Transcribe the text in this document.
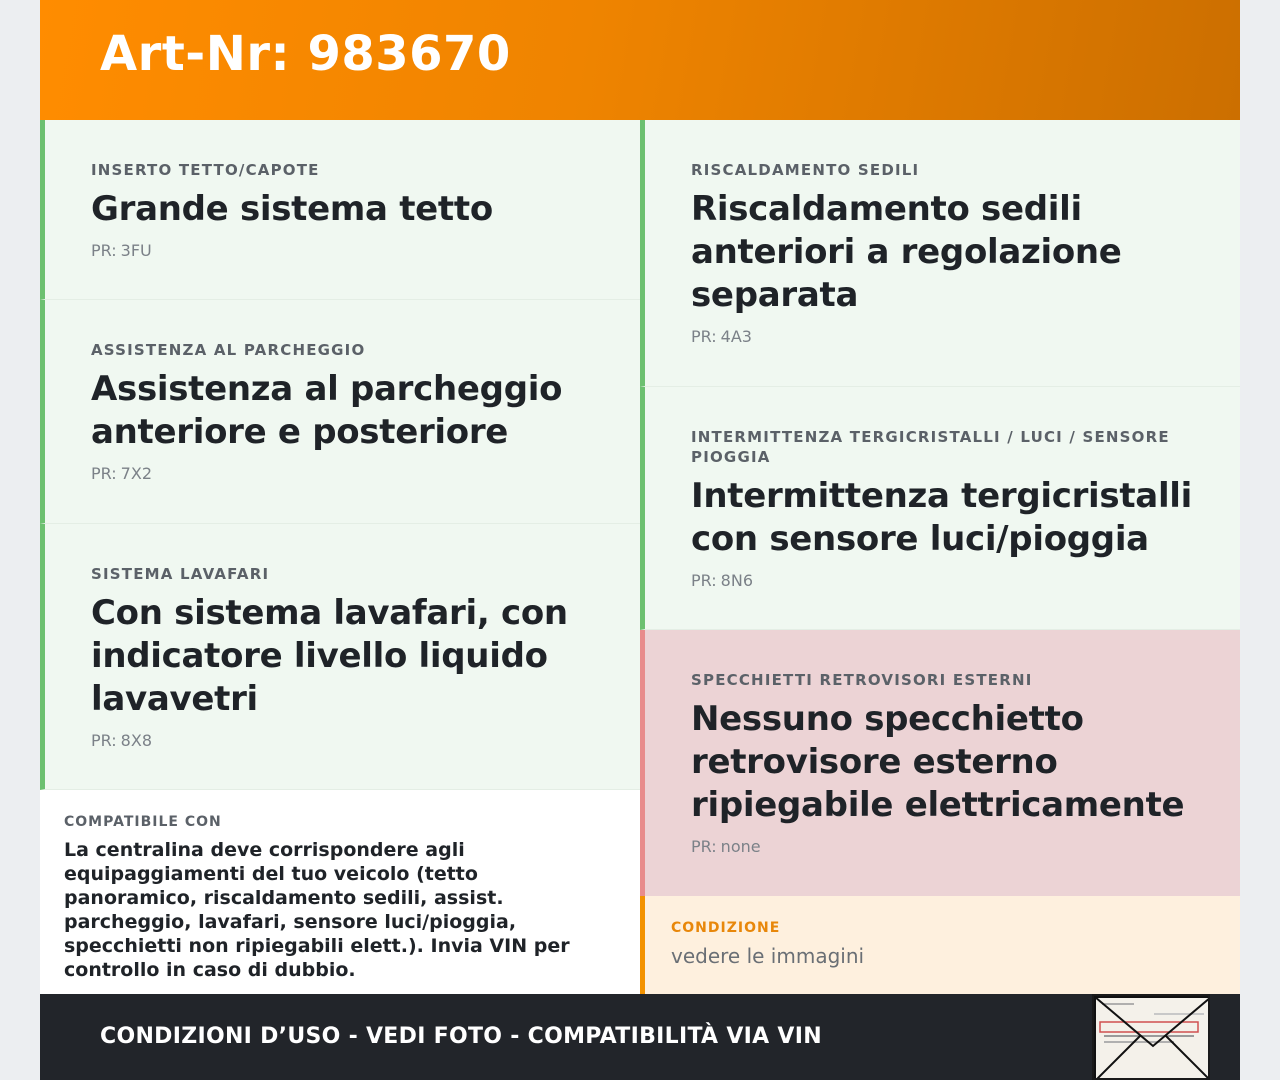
Art-Nr: 983670
INSERTO TETTO/CAPOTE
Grande sistema tetto
PR: 3FU
ASSISTENZA AL PARCHEGGIO
Assistenza al parcheggio anteriore e posteriore
PR: 7X2
SISTEMA LAVAFARI
Con sistema lavafari, con indicatore livello liquido lavavetri
PR: 8X8
RISCALDAMENTO SEDILI
Riscaldamento sedili anteriori a regolazione separata
PR: 4A3
INTERMITTENZA TERGICRISTALLI / LUCI / SENSORE PIOGGIA
Intermittenza tergicristalli con sensore luci/pioggia
PR: 8N6
SPECCHIETTI RETROVISORI ESTERNI
Nessuno specchietto retrovisore esterno ripiegabile elettricamente
PR: none
COMPATIBILE CON
La centralina deve corrispondere agli equipaggiamenti del tuo veicolo (tetto panoramico, riscaldamento sedili, assist. parcheggio, lavafari, sensore luci/pioggia, specchietti non ripiegabili elett.). Invia VIN per controllo in caso di dubbio.
CONDIZIONE
vedere le immagini
CONDIZIONI D’USO - VEDI FOTO - COMPATIBILITÀ VIA VIN
